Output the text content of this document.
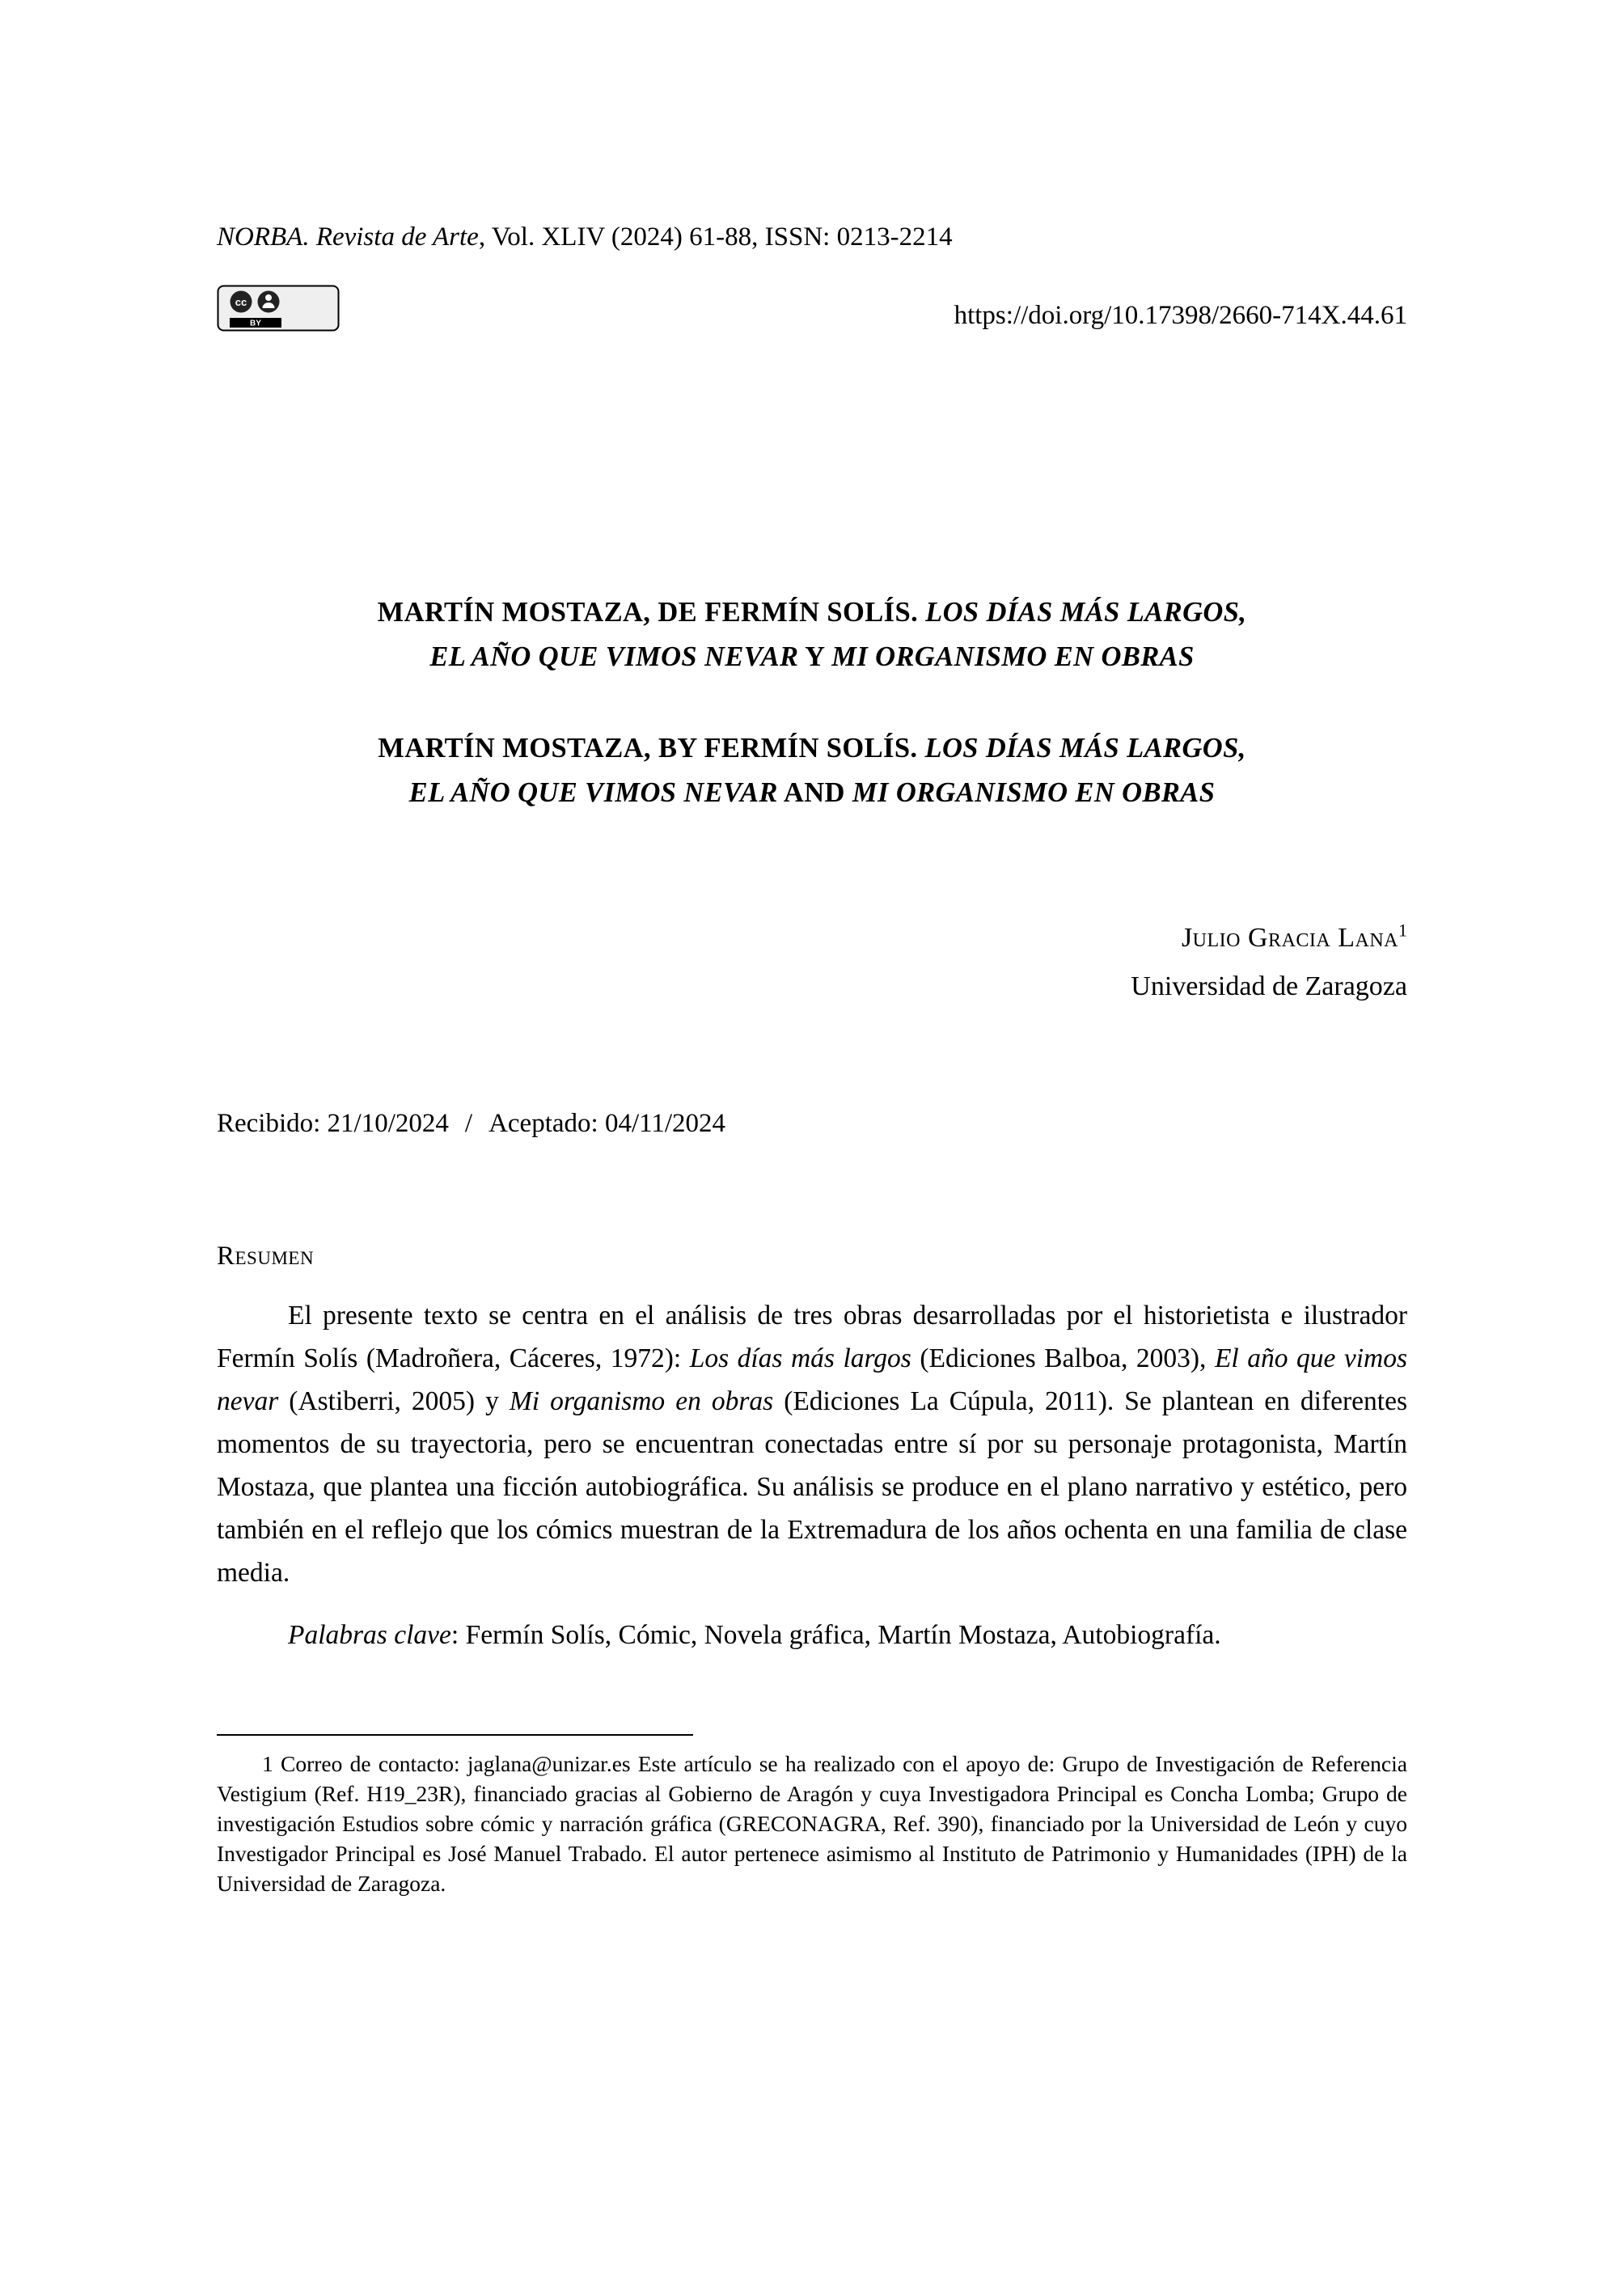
NORBA. Revista de Arte, Vol. XLIV (2024) 61-88, ISSN: 0213-2214
cc
BY	https://doi.org/10.17398/2660-714X.44.61
MARTÍN MOSTAZA, DE FERMÍN SOLÍS. LOS DÍAS MÁS LARGOS,
EL AÑO QUE VIMOS NEVAR Y MI ORGANISMO EN OBRAS
MARTÍN MOSTAZA, BY FERMÍN SOLÍS. LOS DÍAS MÁS LARGOS,
EL AÑO QUE VIMOS NEVAR AND MI ORGANISMO EN OBRAS
Julio Gracia Lana$^1$
Universidad de Zaragoza
Recibido: 21/10/2024 / Aceptado: 04/11/2024
Resumen

El presente texto se centra en el análisis de tres obras desarrolladas por el historietista e ilustrador Fermín Solís (Madroñera, Cáceres, 1972): Los días más largos (Ediciones Balboa, 2003), El año que vimos nevar (Astiberri, 2005) y Mi organismo en obras (Ediciones La Cúpula, 2011). Se plantean en diferentes momentos de su trayectoria, pero se encuentran conectadas entre sí por su personaje protagonista, Martín Mostaza, que plantea una ficción autobiográfica. Su análisis se produce en el plano narrativo y estético, pero también en el reflejo que los cómics muestran de la Extremadura de los años ochenta en una familia de clase media.

Palabras clave: Fermín Solís, Cómic, Novela gráfica, Martín Mostaza, Autobiografía.

1 Correo de contacto: jaglana@unizar.es Este artículo se ha realizado con el apoyo de: Grupo de Investigación de Referencia Vestigium (Ref. H19_23R), financiado gracias al Gobierno de Aragón y cuya Investigadora Principal es Concha Lomba; Grupo de investigación Estudios sobre cómic y narración gráfica (GRECONAGRA, Ref. 390), financiado por la Universidad de León y cuyo Investigador Principal es José Manuel Trabado. El autor pertenece asimismo al Instituto de Patrimonio y Humanidades (IPH) de la Universidad de Zaragoza.
